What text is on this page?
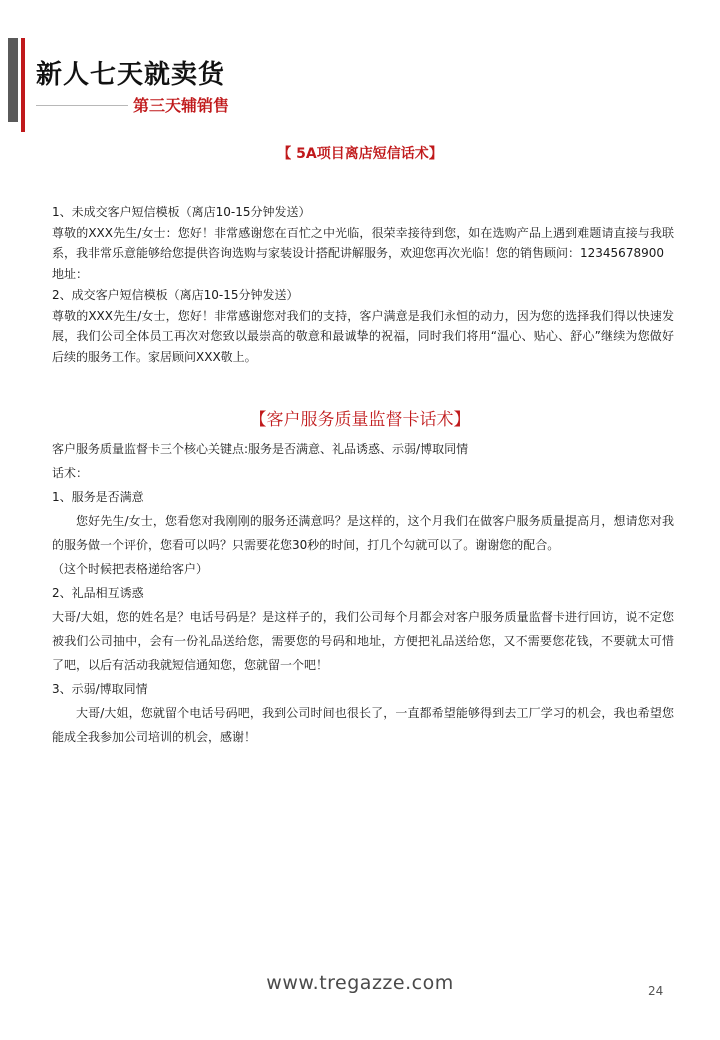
新人七天就卖货
第三天辅销售
【 5A项目离店短信话术】

1、未成交客户短信模板（离店10-15分钟发送）

尊敬的XXX先生/女士：您好！非常感谢您在百忙之中光临，很荣幸接待到您，如在选购产品上遇到难题请直接与我联系，我非常乐意能够给您提供咨询选购与家装设计搭配讲解服务，欢迎您再次光临！您的销售顾问：12345678900

地址：

2、成交客户短信模板（离店10-15分钟发送）

尊敬的XXX先生/女士，您好！非常感谢您对我们的支持，客户满意是我们永恒的动力，因为您的选择我们得以快速发展，我们公司全体员工再次对您致以最崇高的敬意和最诚挚的祝福，同时我们将用“温心、贴心、舒心”继续为您做好后续的服务工作。家居顾问XXX敬上。

【客户服务质量监督卡话术】

客户服务质量监督卡三个核心关键点:服务是否满意、礼品诱惑、示弱/博取同情

话术：

1、服务是否满意

您好先生/女士，您看您对我刚刚的服务还满意吗？是这样的，这个月我们在做客户服务质量提高月，想请您对我的服务做一个评价，您看可以吗？只需要花您30秒的时间，打几个勾就可以了。谢谢您的配合。

（这个时候把表格递给客户）

2、礼品相互诱惑

大哥/大姐，您的姓名是？电话号码是？是这样子的，我们公司每个月都会对客户服务质量监督卡进行回访，说不定您被我们公司抽中，会有一份礼品送给您，需要您的号码和地址，方便把礼品送给您，又不需要您花钱，不要就太可惜了吧，以后有活动我就短信通知您，您就留一个吧！

3、示弱/博取同情

大哥/大姐，您就留个电话号码吧，我到公司时间也很长了，一直都希望能够得到去工厂学习的机会，我也希望您能成全我参加公司培训的机会，感谢！

www.tregazze.com	24
